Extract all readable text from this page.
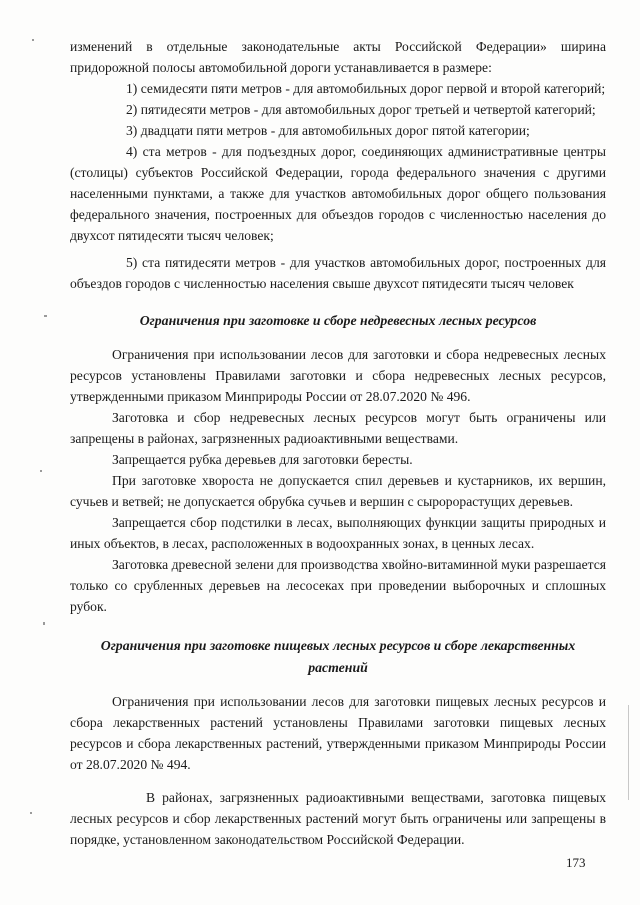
изменений в отдельные законодательные акты Российской Федерации» ширина придорожной полосы автомобильной дороги устанавливается в размере:

1) семидесяти пяти метров - для автомобильных дорог первой и второй категорий;

2) пятидесяти метров - для автомобильных дорог третьей и четвертой категорий;

3) двадцати пяти метров - для автомобильных дорог пятой категории;

4) ста метров - для подъездных дорог, соединяющих административные центры (столицы) субъектов Российской Федерации, города федерального значения с другими населенными пунктами, а также для участков автомобильных дорог общего пользования федерального значения, построенных для объездов городов с численностью населения до двухсот пятидесяти тысяч человек;

5) ста пятидесяти метров - для участков автомобильных дорог, построенных для объездов городов с численностью населения свыше двухсот пятидесяти тысяч человек

Ограничения при заготовке и сборе недревесных лесных ресурсов

Ограничения при использовании лесов для заготовки и сбора недревесных лесных ресурсов установлены Правилами заготовки и сбора недревесных лесных ресурсов, утвержденными приказом Минприроды России от 28.07.2020 № 496.

Заготовка и сбор недревесных лесных ресурсов могут быть ограничены или запрещены в районах, загрязненных радиоактивными веществами.

Запрещается рубка деревьев для заготовки бересты.

При заготовке хвороста не допускается спил деревьев и кустарников, их вершин, сучьев и ветвей; не допускается обрубка сучьев и вершин с сыророрастущих деревьев.

Запрещается сбор подстилки в лесах, выполняющих функции защиты природных и иных объектов, в лесах, расположенных в водоохранных зонах, в ценных лесах.

Заготовка древесной зелени для производства хвойно-витаминной муки разрешается только со срубленных деревьев на лесосеках при проведении выборочных и сплошных рубок.

Ограничения при заготовке пищевых лесных ресурсов и сборе лекарственных растений

Ограничения при использовании лесов для заготовки пищевых лесных ресурсов и сбора лекарственных растений установлены Правилами заготовки пищевых лесных ресурсов и сбора лекарственных растений, утвержденными приказом Минприроды России от 28.07.2020 № 494.

В районах, загрязненных радиоактивными веществами, заготовка пищевых лесных ресурсов и сбор лекарственных растений могут быть ограничены или запрещены в порядке, установленном законодательством Российской Федерации.

173
